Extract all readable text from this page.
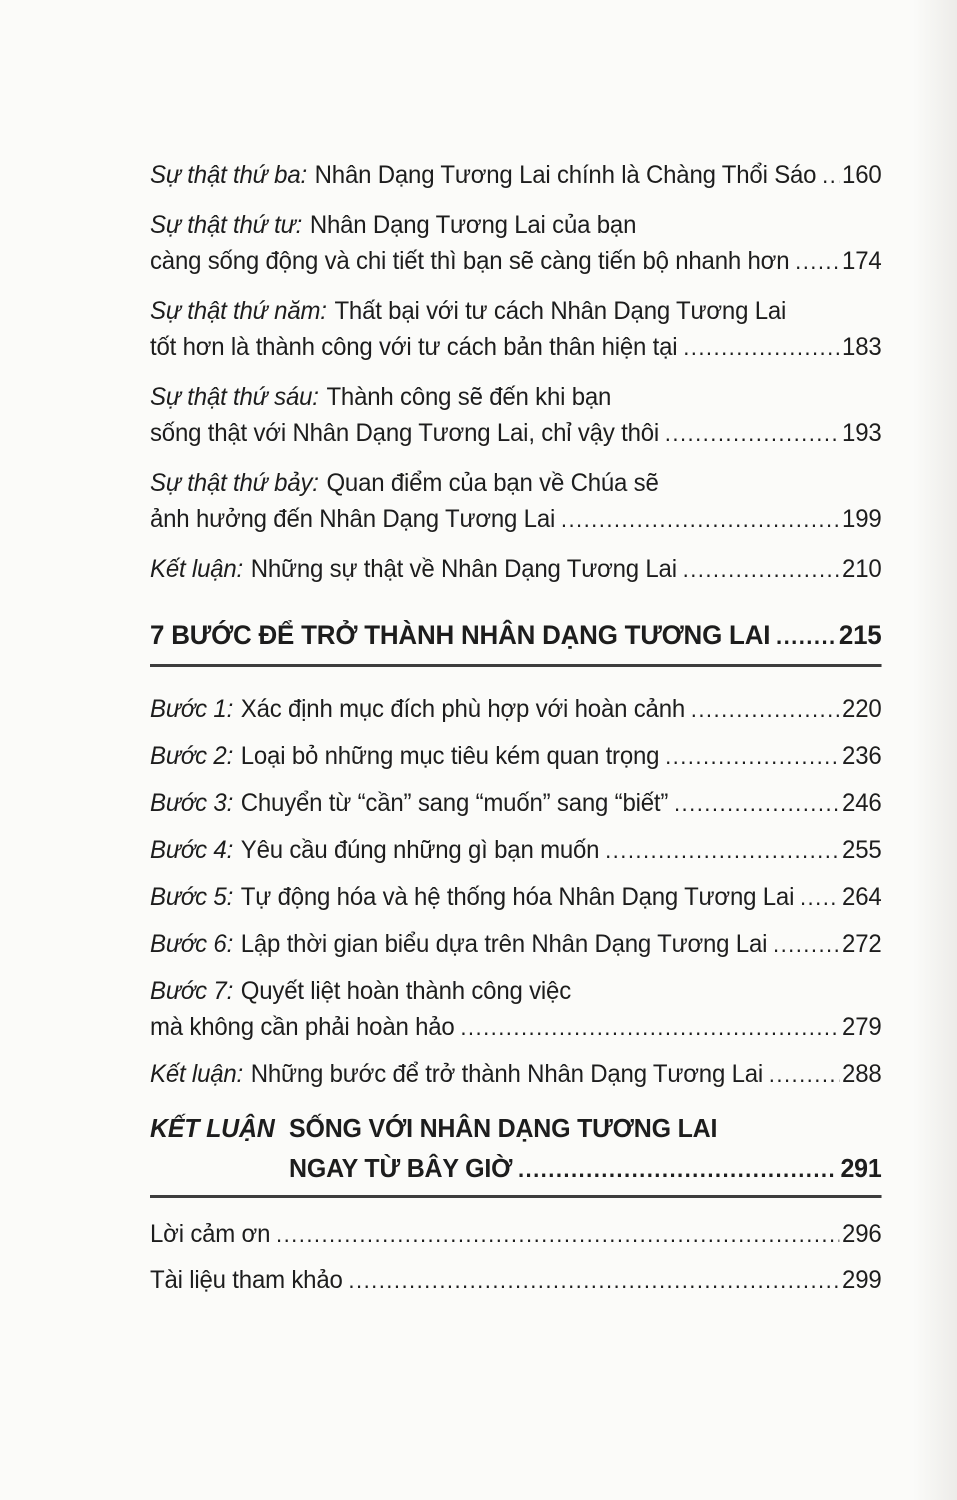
Sự thật thứ ba: Nhân Dạng Tương Lai chính là Chàng Thổi Sáo ..... 160
Sự thật thứ tư: Nhân Dạng Tương Lai của bạn
càng sống động và chi tiết thì bạn sẽ càng tiến bộ nhanh hơn ..... 174
Sự thật thứ năm: Thất bại với tư cách Nhân Dạng Tương Lai
tốt hơn là thành công với tư cách bản thân hiện tại .....	183
Sự thật thứ sáu: Thành công sẽ đến khi bạn
sống thật với Nhân Dạng Tương Lai, chỉ vậy thôi .....	193
Sự thật thứ bảy: Quan điểm của bạn về Chúa sẽ
ảnh hưởng đến Nhân Dạng Tương Lai .....	199
Kết luận: Những sự thật về Nhân Dạng Tương Lai .....	210
7 BƯỚC ĐỂ TRỞ THÀNH NHÂN DẠNG TƯƠNG LAI .....	215
Bước 1: Xác định mục đích phù hợp với hoàn cảnh .....	220
Bước 2: Loại bỏ những mục tiêu kém quan trọng .....	236
Bước 3: Chuyển từ “cần” sang “muốn” sang “biết” .....	246
Bước 4: Yêu cầu đúng những gì bạn muốn .....	255
Bước 5: Tự động hóa và hệ thống hóa Nhân Dạng Tương Lai ..... 264
Bước 6: Lập thời gian biểu dựa trên Nhân Dạng Tương Lai .....	272
Bước 7: Quyết liệt hoàn thành công việc
mà không cần phải hoàn hảo .....	279
Kết luận: Những bước để trở thành Nhân Dạng Tương Lai .....	288
KẾT LUẬN SỐNG VỚI NHÂN DẠNG TƯƠNG LAI
NGAY TỪ BÂY GIỜ .....	291
Lời cảm ơn .....	296
Tài liệu tham khảo .....	299
